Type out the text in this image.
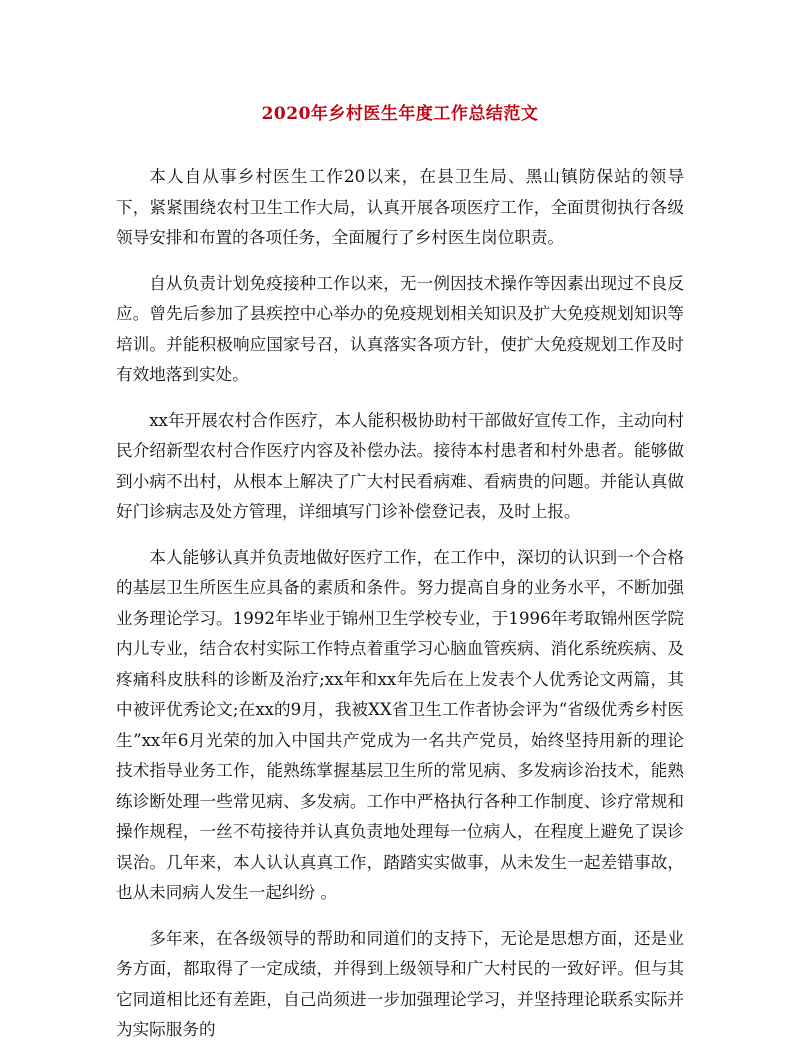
2020年乡村医生年度工作总结范文

本人自从事乡村医生工作20以来，在县卫生局、黑山镇防保站的领导下，紧紧围绕农村卫生工作大局，认真开展各项医疗工作，全面贯彻执行各级领导安排和布置的各项任务，全面履行了乡村医生岗位职责。

自从负责计划免疫接种工作以来，无一例因技术操作等因素出现过不良反应。曾先后参加了县疾控中心举办的免疫规划相关知识及扩大免疫规划知识等培训。并能积极响应国家号召，认真落实各项方针，使扩大免疫规划工作及时有效地落到实处。

xx年开展农村合作医疗，本人能积极协助村干部做好宣传工作，主动向村民介绍新型农村合作医疗内容及补偿办法。接待本村患者和村外患者。能够做到小病不出村，从根本上解决了广大村民看病难、看病贵的问题。并能认真做好门诊病志及处方管理，详细填写门诊补偿登记表，及时上报。

本人能够认真并负责地做好医疗工作，在工作中，深切的认识到一个合格的基层卫生所医生应具备的素质和条件。努力提高自身的业务水平，不断加强业务理论学习。1992年毕业于锦州卫生学校专业，于1996年考取锦州医学院内儿专业，结合农村实际工作特点着重学习心脑血管疾病、消化系统疾病、及疼痛科皮肤科的诊断及治疗;xx年和xx年先后在上发表个人优秀论文两篇，其中被评优秀论文;在xx的9月，我被XX省卫生工作者协会评为“省级优秀乡村医生”xx年6月光荣的加入中国共产党成为一名共产党员，始终坚持用新的理论技术指导业务工作，能熟练掌握基层卫生所的常见病、多发病诊治技术，能熟练诊断处理一些常见病、多发病。工作中严格执行各种工作制度、诊疗常规和操作规程，一丝不苟接待并认真负责地处理每一位病人，在程度上避免了误诊误治。几年来，本人认认真真工作，踏踏实实做事，从未发生一起差错事故，也从未同病人发生一起纠纷 。

多年来，在各级领导的帮助和同道们的支持下，无论是思想方面，还是业务方面，都取得了一定成绩，并得到上级领导和广大村民的一致好评。但与其它同道相比还有差距，自己尚须进一步加强理论学习，并坚持理论联系实际并为实际服务的
